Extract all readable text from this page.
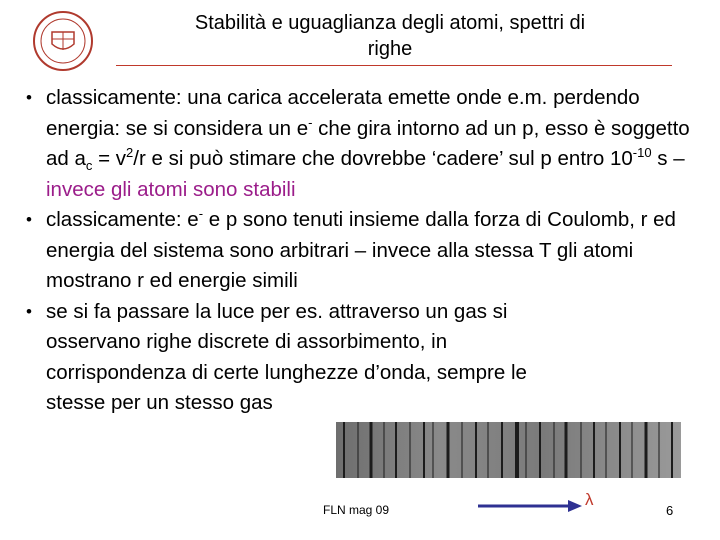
Stabilità e uguaglianza degli atomi, spettri di
righe
• classicamente: una carica accelerata emette onde e.m. perdendo energia: se si considera un e- che gira intorno ad un p, esso è soggetto ad $a_c = v^2/r$ e si può stimare che dovrebbe ‘cadere’ sul p entro $10^{-10}$ s – invece gli atomi sono stabili
• classicamente: e- e p sono tenuti insieme dalla forza di Coulomb, r ed energia del sistema sono arbitrari – invece alla stessa T gli atomi mostrano r ed energie simili
• se si fa passare la luce per es. attraverso un gas si
osservano righe discrete di assorbimento, in
corrispondenza di certe lunghezze d’onda, sempre le
stesse per un stesso gas
FLN mag 09
λ
6
